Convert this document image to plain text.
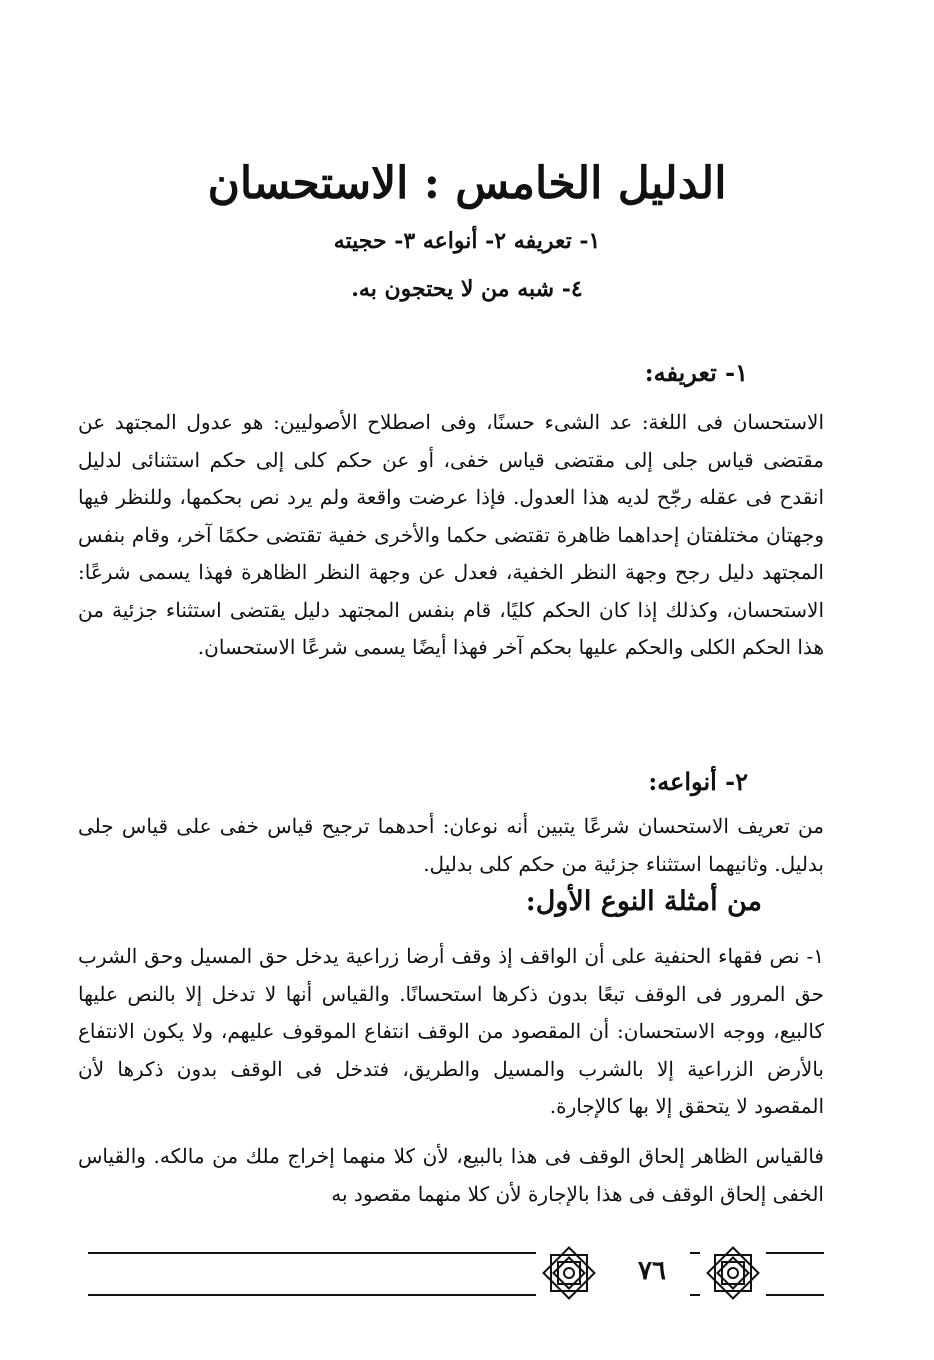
الدليل الخامس : الاستحسان
١- تعريفه ٢- أنواعه ٣- حجيته
٤- شبه من لا يحتجون به.
١- تعريفه:

الاستحسان فى اللغة: عد الشىء حسنًا، وفى اصطلاح الأصوليين: هو عدول المجتهد عن مقتضى قياس جلى إلى مقتضى قياس خفى، أو عن حكم كلى إلى حكم استثنائى لدليل انقدح فى عقله رجّح لديه هذا العدول. فإذا عرضت واقعة ولم يرد نص بحكمها، وللنظر فيها وجهتان مختلفتان إحداهما ظاهرة تقتضى حكما والأخرى خفية تقتضى حكمًا آخر، وقام بنفس المجتهد دليل رجح وجهة النظر الخفية، فعدل عن وجهة النظر الظاهرة فهذا يسمى شرعًا: الاستحسان، وكذلك إذا كان الحكم كليًا، قام بنفس المجتهد دليل يقتضى استثناء جزئية من هذا الحكم الكلى والحكم عليها بحكم آخر فهذا أيضًا يسمى شرعًا الاستحسان.

٢- أنواعه:

من تعريف الاستحسان شرعًا يتبين أنه نوعان: أحدهما ترجيح قياس خفى على قياس جلى بدليل. وثانيهما استثناء جزئية من حكم كلى بدليل.

من أمثلة النوع الأول:

١- نص فقهاء الحنفية على أن الواقف إذ وقف أرضا زراعية يدخل حق المسيل وحق الشرب حق المرور فى الوقف تبعًا بدون ذكرها استحسانًا. والقياس أنها لا تدخل إلا بالنص عليها كالبيع، ووجه الاستحسان: أن المقصود من الوقف انتفاع الموقوف عليهم، ولا يكون الانتفاع بالأرض الزراعية إلا بالشرب والمسيل والطريق، فتدخل فى الوقف بدون ذكرها لأن المقصود لا يتحقق إلا بها كالإجارة.

فالقياس الظاهر إلحاق الوقف فى هذا بالبيع، لأن كلا منهما إخراج ملك من مالكه. والقياس الخفى إلحاق الوقف فى هذا بالإجارة لأن كلا منهما مقصود به

٧٦
